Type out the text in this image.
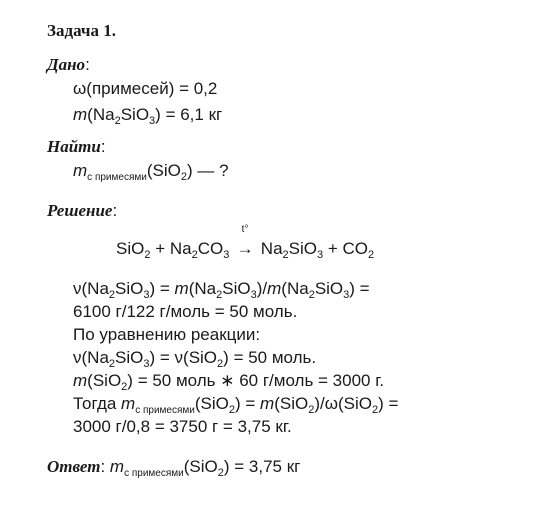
Задача 1.
Дано:
ω(примесей) = 0,2
$m(Na_2SiO_3) = 6,1$ кг
Найти:
$m_{с примесями}(SiO_2)$ — ?
Решение:
$SiO_2 + Na_2CO_3$
t°
→ $Na_2SiO_3 + CO_2$
$\nu(Na_2SiO_3) = m(Na_2SiO_3)/m(Na_2SiO_3)$ =
6100 г/122 г/моль = 50 моль.
По уравнению реакции:
$\nu(Na_2SiO_3) = \nu(SiO_2) = 50$ моль.
m(SiO$_2$) = 50 моль ∗ 60 г/моль = 3000 г.
Тогда $m_{с примесями}(SiO_2) = m(SiO_2)/\omega(SiO_2)$ =
3000 г/0,8 = 3750 г = 3,75 кг.
Ответ: $m_{с примесями}(SiO_2) = 3,75$ кг
